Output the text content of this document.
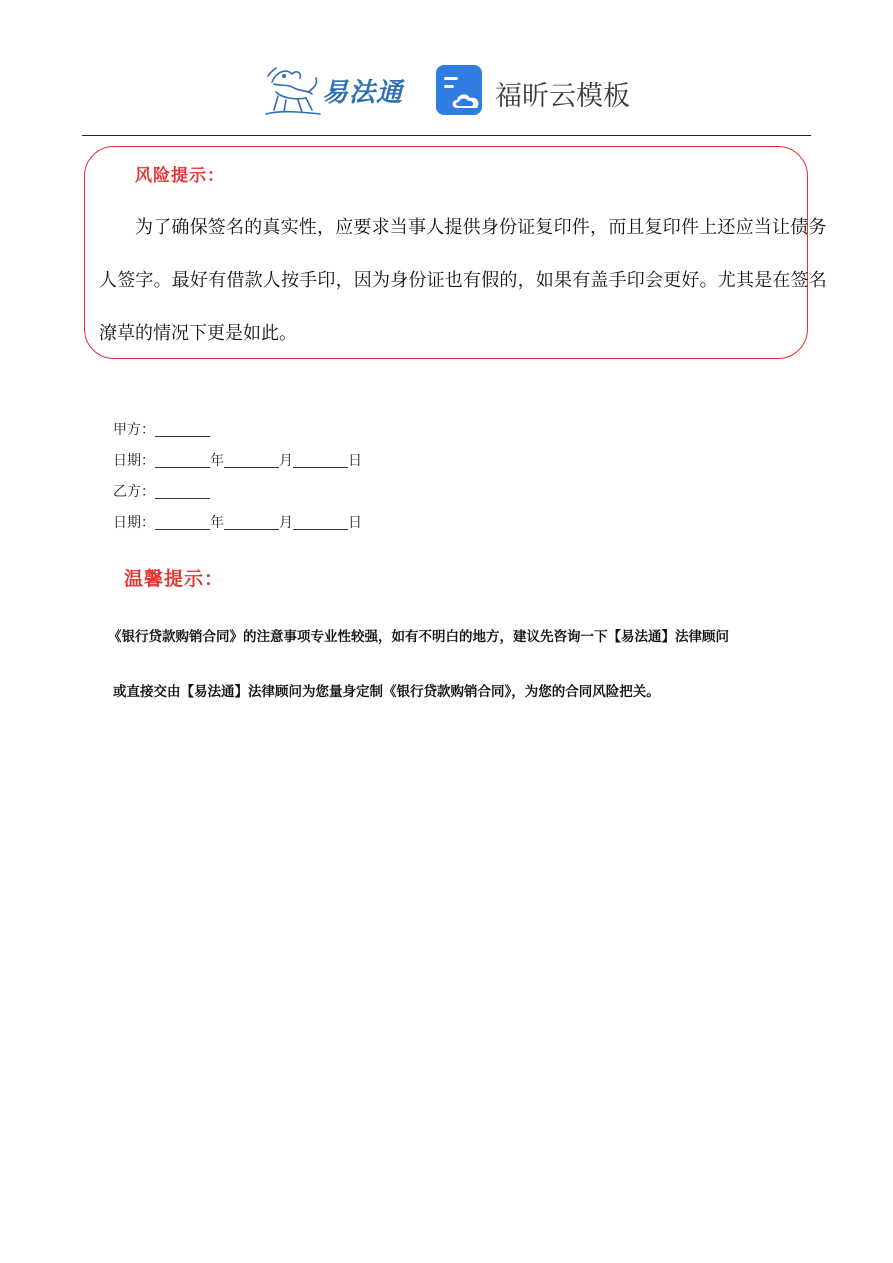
易法通	福昕云模板
风险提示：
为了确保签名的真实性，应要求当事人提供身份证复印件，而且复印件上还应当让债务
人签字。最好有借款人按手印，因为身份证也有假的，如果有盖手印会更好。尤其是在签名
潦草的情况下更是如此。
甲方：
日期：	年	月	日
乙方：
日期：	年	月	日
温馨提示：
《银行贷款购销合同》的注意事项专业性较强，如有不明白的地方，建议先咨询一下【易法通】法律顾问
或直接交由【易法通】法律顾问为您量身定制《银行贷款购销合同》，为您的合同风险把关。
